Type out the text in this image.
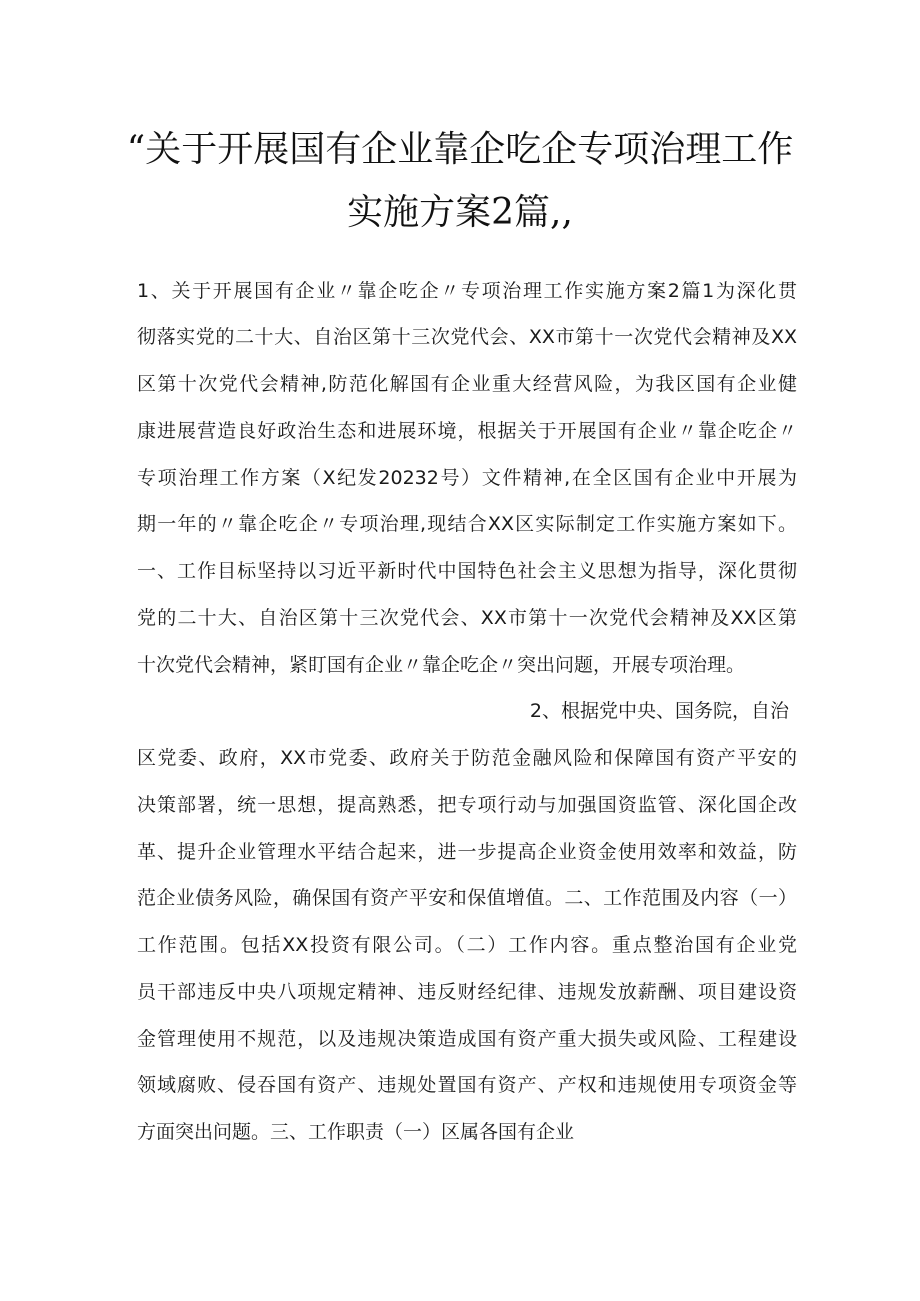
“关于开展国有企业靠企吃企专项治理工作
实施方案2篇,,
1、关于开展国有企业〃靠企吃企〃专项治理工作实施方案2篇1为深化贯
彻落实党的二十大、自治区第十三次党代会、XX市第十一次党代会精神及XX
区第十次党代会精神,防范化解国有企业重大经营风险，为我区国有企业健
康进展营造良好政治生态和进展环境，根据关于开展国有企业〃靠企吃企〃
专项治理工作方案（X纪发20232号）文件精神,在全区国有企业中开展为
期一年的〃靠企吃企〃专项治理,现结合XX区实际制定工作实施方案如下。
一、工作目标坚持以习近平新时代中国特色社会主义思想为指导，深化贯彻
党的二十大、自治区第十三次党代会、XX市第十一次党代会精神及XX区第
十次党代会精神，紧盯国有企业〃靠企吃企〃突出问题，开展专项治理。
2、根据党中央、国务院，自治
区党委、政府，XX市党委、政府关于防范金融风险和保障国有资产平安的
决策部署，统一思想，提高熟悉，把专项行动与加强国资监管、深化国企改
革、提升企业管理水平结合起来，进一步提高企业资金使用效率和效益，防
范企业债务风险，确保国有资产平安和保值增值。二、工作范围及内容（一）
工作范围。包括XX投资有限公司。（二）工作内容。重点整治国有企业党
员干部违反中央八项规定精神、违反财经纪律、违规发放薪酬、项目建设资
金管理使用不规范，以及违规决策造成国有资产重大损失或风险、工程建设
领域腐败、侵吞国有资产、违规处置国有资产、产权和违规使用专项资金等
方面突出问题。三、工作职责（一）区属各国有企业
